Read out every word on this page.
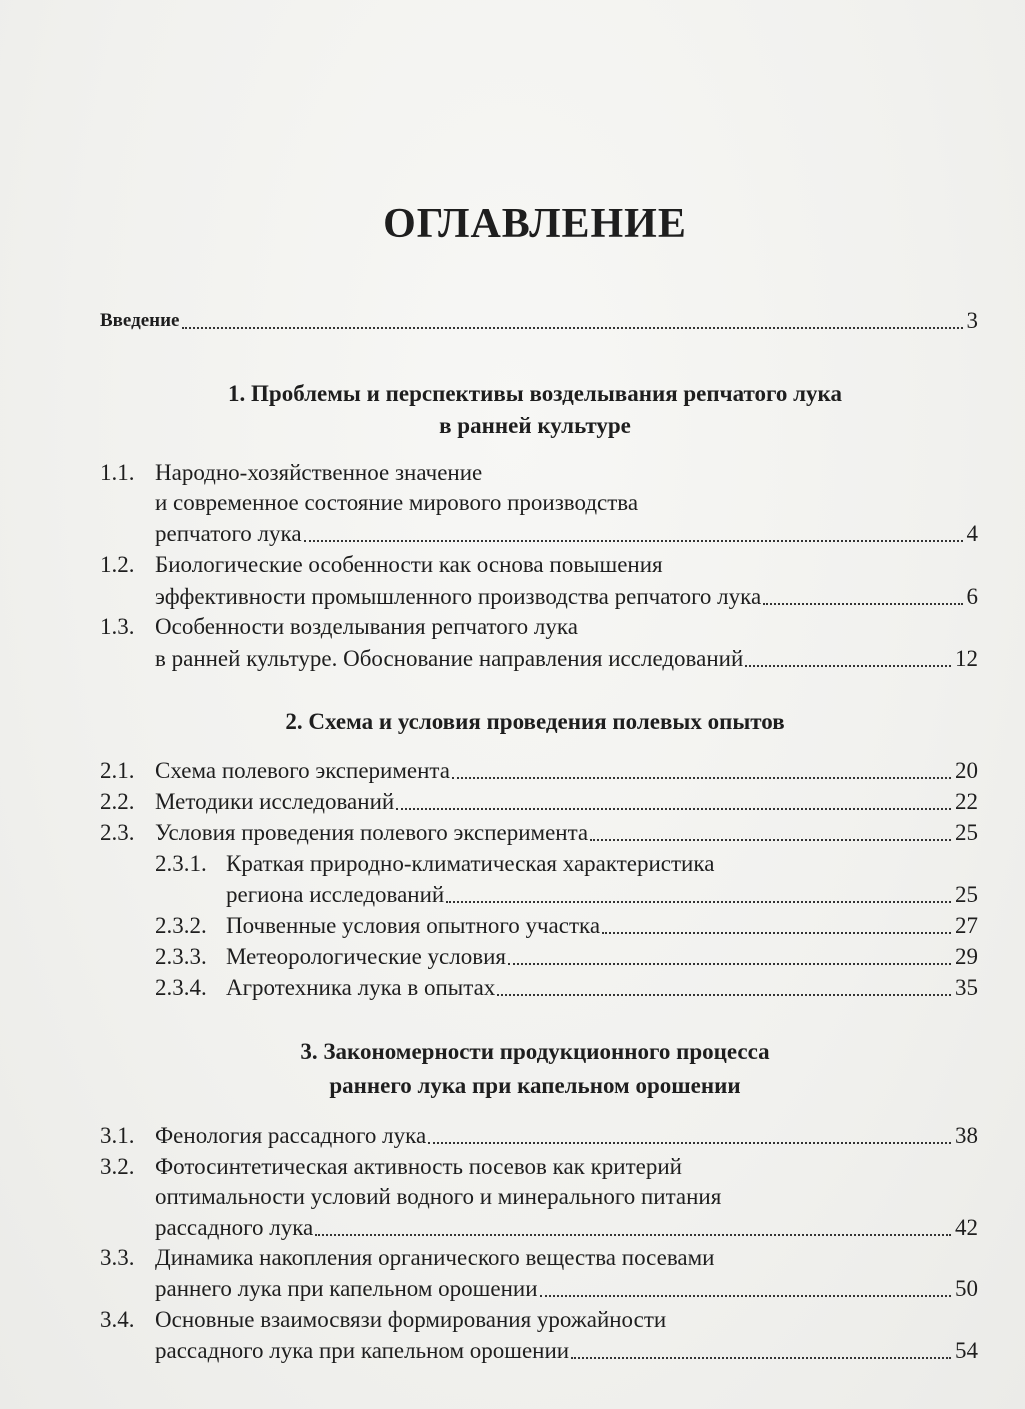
ОГЛАВЛЕНИЕ
Введение	3
1. Проблемы и перспективы возделывания репчатого лука
в ранней культуре
1.1. Народно-хозяйственное значение
и современное состояние мирового производства
репчатого лука	4
1.2. Биологические особенности как основа повышения
эффективности промышленного производства репчатого лука	6
1.3. Особенности возделывания репчатого лука
в ранней культуре. Обоснование направления исследований	12
2. Схема и условия проведения полевых опытов
2.1. Схема полевого эксперимента	20
2.2. Методики исследований	22
2.3. Условия проведения полевого эксперимента	25
2.3.1. Краткая природно-климатическая характеристика
региона исследований	25
2.3.2. Почвенные условия опытного участка	27
2.3.3. Метеорологические условия	29
2.3.4. Агротехника лука в опытах	35
3. Закономерности продукционного процесса
раннего лука при капельном орошении
3.1. Фенология рассадного лука	38
3.2. Фотосинтетическая активность посевов как критерий
оптимальности условий водного и минерального питания
рассадного лука	42
3.3. Динамика накопления органического вещества посевами
раннего лука при капельном орошении	50
3.4. Основные взаимосвязи формирования урожайности
рассадного лука при капельном орошении	54
